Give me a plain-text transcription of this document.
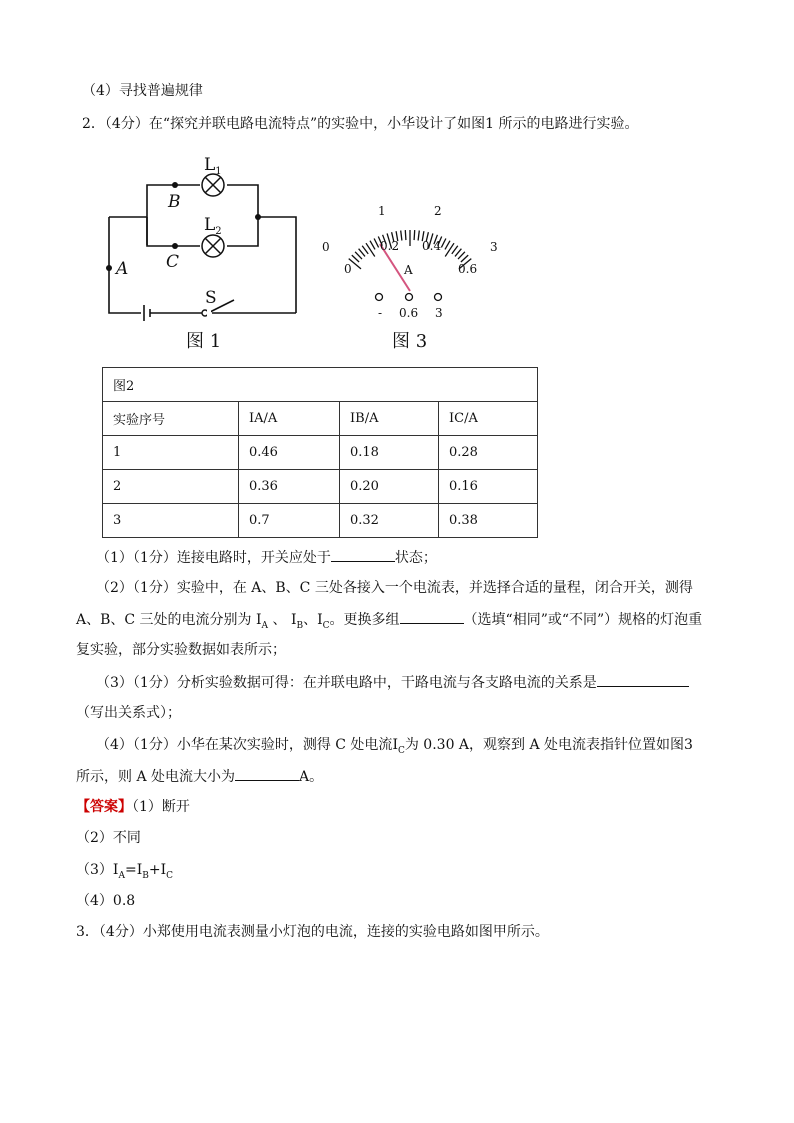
（4）寻找普遍规律
2．（4分）在“探究并联电路电流特点”的实验中，小华设计了如图1 所示的电路进行实验。
$L_1$
$L_2$
B
C
A
S
图 1
1	2
0	3
0
0.2 0.4
0.6
A
- 0.6 3
图 3
图2			
实验序号	IA/A	IB/A	IC/A
1	0.46	0.18	0.28
2	0.36	0.20	0.16
3	0.7	0.32	0.38
（1）（1分）连接电路时，开关应处于	状态；
（2）（1分）实验中，在 A、B、C 三处各接入一个电流表，并选择合适的量程，闭合开关，测得
A、B、C 三处的电流分别为 $I_A$ 、 $I_B$、$I_C$。更换多组	（选填“相同”或“不同”）规格的灯泡重
复实验，部分实验数据如表所示；
（3）（1分）分析实验数据可得：在并联电路中，干路电流与各支路电流的关系是
（写出关系式）；
（4）（1分）小华在某次实验时，测得 C 处电流$I_C$为 0.30 A，观察到 A 处电流表指针位置如图3
所示，则 A 处电流大小为	A。
【答案】（1）断开
（2）不同
$(3)I_A=I_B+I_C$
（4）0.8
3．（4分）小郑使用电流表测量小灯泡的电流，连接的实验电路如图甲所示。
